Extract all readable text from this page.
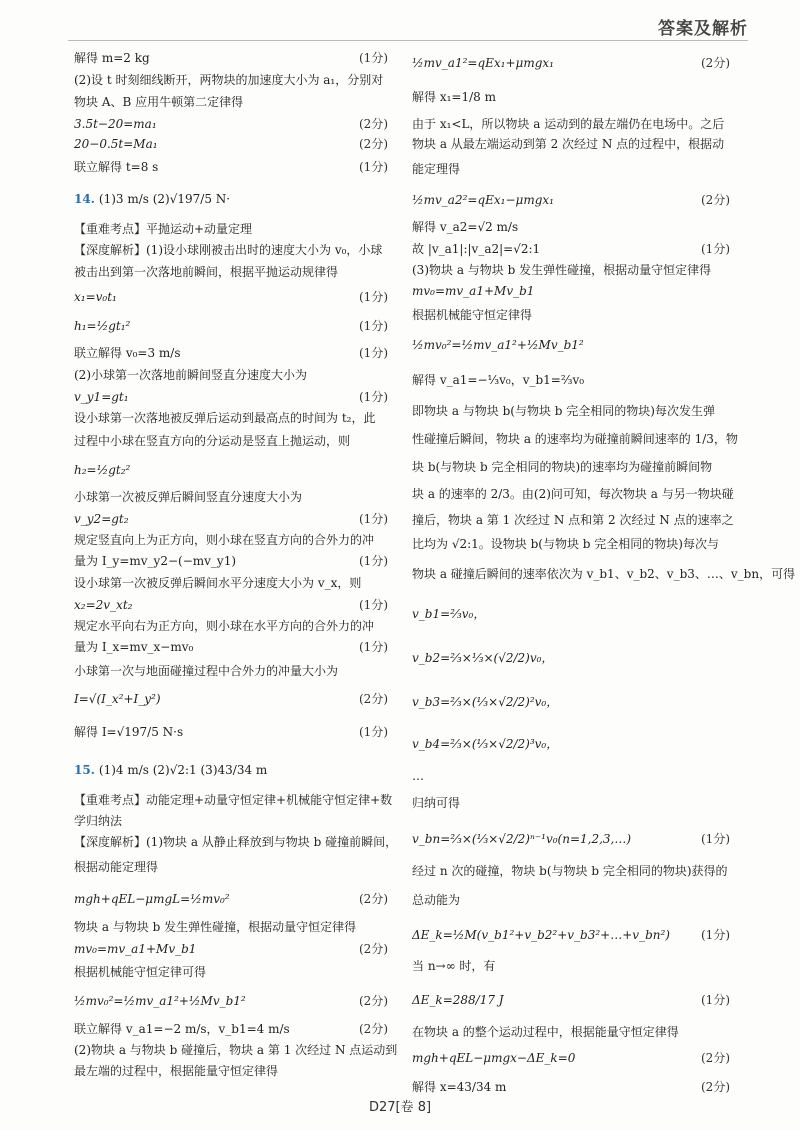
答案及解析
解得 m=2 kg	(1分)
(2)设 t 时刻细线断开，两物块的加速度大小为 a₁，分别对
物块 A、B 应用牛顿第二定律得
3.5t−20=ma₁	(2分)
20−0.5t=Ma₁	(2分)
联立解得 t=8 s	(1分)
14. (1)3 m/s (2)√197/5 N·
【重难考点】平抛运动+动量定理
【深度解析】(1)设小球刚被击出时的速度大小为 v₀，小球
被击出到第一次落地前瞬间，根据平抛运动规律得
x₁=v₀t₁	(1分)
h₁=½gt₁²	(1分)
联立解得 v₀=3 m/s	(1分)
(2)小球第一次落地前瞬间竖直分速度大小为
v_y1=gt₁	(1分)
设小球第一次落地被反弹后运动到最高点的时间为 t₂，此
过程中小球在竖直方向的分运动是竖直上抛运动，则
h₂=½gt₂²
小球第一次被反弹后瞬间竖直分速度大小为
v_y2=gt₂	(1分)
规定竖直向上为正方向，则小球在竖直方向的合外力的冲
量为 I_y=mv_y2−(−mv_y1)	(1分)
设小球第一次被反弹后瞬间水平分速度大小为 v_x，则
x₂=2v_xt₂	(1分)
规定水平向右为正方向，则小球在水平方向的合外力的冲
量为 I_x=mv_x−mv₀	(1分)
小球第一次与地面碰撞过程中合外力的冲量大小为
I=√(I_x²+I_y²)	(2分)
解得 I=√197/5 N·s	(1分)
15. (1)4 m/s (2)√2:1 (3)43/34 m
【重难考点】动能定理+动量守恒定律+机械能守恒定律+数
学归纳法
【深度解析】(1)物块 a 从静止释放到与物块 b 碰撞前瞬间，
根据动能定理得
mgh+qEL−μmgL=½mv₀²	(2分)
物块 a 与物块 b 发生弹性碰撞，根据动量守恒定律得
mv₀=mv_a1+Mv_b1	(2分)
根据机械能守恒定律可得
½mv₀²=½mv_a1²+½Mv_b1²	(2分)
联立解得 v_a1=−2 m/s，v_b1=4 m/s	(2分)
(2)物块 a 与物块 b 碰撞后，物块 a 第 1 次经过 N 点运动到
最左端的过程中，根据能量守恒定律得
½mv_a1²=qEx₁+μmgx₁	(2分)
解得 x₁=1/8 m
由于 x₁<L，所以物块 a 运动到的最左端仍在电场中。之后
物块 a 从最左端运动到第 2 次经过 N 点的过程中，根据动
能定理得
½mv_a2²=qEx₁−μmgx₁	(2分)
解得 v_a2=√2 m/s
故 |v_a1|:|v_a2|=√2:1	(1分)
(3)物块 a 与物块 b 发生弹性碰撞，根据动量守恒定律得
mv₀=mv_a1+Mv_b1
根据机械能守恒定律得
½mv₀²=½mv_a1²+½Mv_b1²
解得 v_a1=−⅓v₀，v_b1=⅔v₀
即物块 a 与物块 b(与物块 b 完全相同的物块)每次发生弹
性碰撞后瞬间，物块 a 的速率均为碰撞前瞬间速率的 1/3，物
块 b(与物块 b 完全相同的物块)的速率均为碰撞前瞬间物
块 a 的速率的 2/3。由(2)问可知，每次物块 a 与另一物块碰
撞后，物块 a 第 1 次经过 N 点和第 2 次经过 N 点的速率之
比均为 √2:1。设物块 b(与物块 b 完全相同的物块)每次与
物块 a 碰撞后瞬间的速率依次为 v_b1、v_b2、v_b3、…、v_bn，可得
v_b1=⅔v₀，
v_b2=⅔×⅓×(√2/2)v₀，
v_b3=⅔×(⅓×√2/2)²v₀，
v_b4=⅔×(⅓×√2/2)³v₀，
…
归纳可得
v_bn=⅔×(⅓×√2/2)ⁿ⁻¹v₀(n=1,2,3,…)	(1分)
经过 n 次的碰撞，物块 b(与物块 b 完全相同的物块)获得的
总动能为
ΔE_k=½M(v_b1²+v_b2²+v_b3²+…+v_bn²)	(1分)
当 n→∞ 时，有
ΔE_k=288/17 J	(1分)
在物块 a 的整个运动过程中，根据能量守恒定律得
mgh+qEL−μmgx−ΔE_k=0	(2分)
解得 x=43/34 m	(2分)
D27[卷 8]
